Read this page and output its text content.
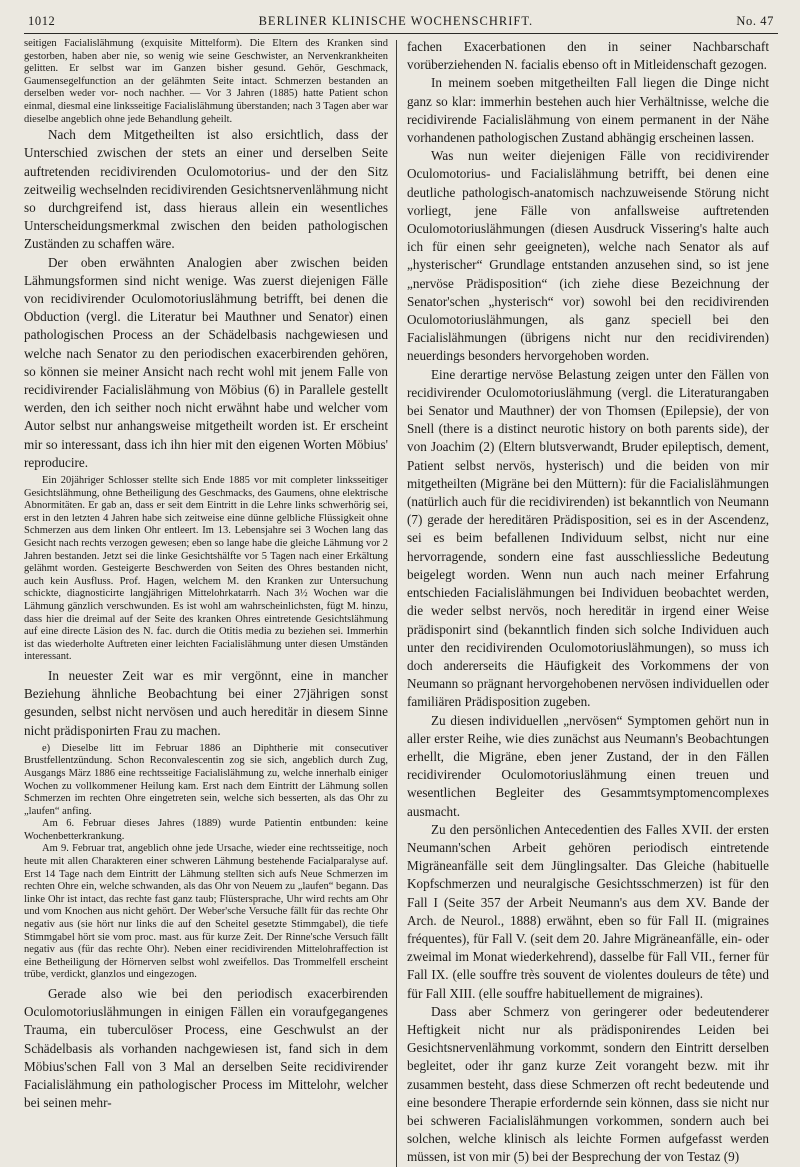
1012	BERLINER KLINISCHE WOCHENSCHRIFT.	No. 47

seitigen Facialislähmung (exquisite Mittelform). Die Eltern des Kranken sind gestorben, haben aber nie, so wenig wie seine Geschwister, an Nervenkrankheiten gelitten. Er selbst war im Ganzen bisher gesund. Gehör, Geschmack, Gaumensegelfunction an der gelähmten Seite intact. Schmerzen bestanden an derselben weder vor- noch nachher. — Vor 3 Jahren (1885) hatte Patient schon einmal, diesmal eine linksseitige Facialislähmung überstanden; nach 3 Tagen aber war dieselbe angeblich ohne jede Behandlung geheilt.

Nach dem Mitgetheilten ist also ersichtlich, dass der Unterschied zwischen der stets an einer und derselben Seite auftretenden recidivirenden Oculomotorius- und der den Sitz zeitweilig wechselnden recidivirenden Gesichtsnervenlähmung nicht so durchgreifend ist, dass hieraus allein ein wesentliches Unterscheidungsmerkmal zwischen den beiden pathologischen Zuständen zu schaffen wäre.

Der oben erwähnten Analogien aber zwischen beiden Lähmungsformen sind nicht wenige. Was zuerst diejenigen Fälle von recidivirender Oculomotoriuslähmung betrifft, bei denen die Obduction (vergl. die Literatur bei Mauthner und Senator) einen pathologischen Process an der Schädelbasis nachgewiesen und welche nach Senator zu den periodischen exacerbirenden gehören, so können sie meiner Ansicht nach recht wohl mit jenem Falle von recidivirender Facialislähmung von Möbius (6) in Parallele gestellt werden, den ich seither noch nicht erwähnt habe und welcher vom Autor selbst nur anhangsweise mitgetheilt worden ist. Er erscheint mir so interessant, dass ich ihn hier mit den eigenen Worten Möbius' reproducire.

Ein 20jähriger Schlosser stellte sich Ende 1885 vor mit completer linksseitiger Gesichtslähmung, ohne Betheiligung des Geschmacks, des Gaumens, ohne elektrische Abnormitäten. Er gab an, dass er seit dem Eintritt in die Lehre links schwerhörig sei, erst in den letzten 4 Jahren habe sich zeitweise eine dünne gelbliche Flüssigkeit ohne Schmerzen aus dem linken Ohr entleert. Im 13. Lebensjahre sei 3 Wochen lang das Gesicht nach rechts verzogen gewesen; eben so lange habe die gleiche Lähmung vor 2 Jahren bestanden. Jetzt sei die linke Gesichtshälfte vor 5 Tagen nach einer Erkältung gelähmt worden. Gesteigerte Beschwerden von Seiten des Ohres bestanden nicht, auch kein Ausfluss. Prof. Hagen, welchem M. den Kranken zur Untersuchung schickte, diagnosticirte langjährigen Mittelohrkatarrh. Nach 3½ Wochen war die Lähmung gänzlich verschwunden. Es ist wohl am wahrscheinlichsten, fügt M. hinzu, dass hier die dreimal auf der Seite des kranken Ohres eintretende Gesichtslähmung auf eine directe Läsion des N. fac. durch die Otitis media zu beziehen sei. Immerhin ist das wiederholte Auftreten einer leichten Facialislähmung unter diesen Umständen interessant.

In neuester Zeit war es mir vergönnt, eine in mancher Beziehung ähnliche Beobachtung bei einer 27jährigen sonst gesunden, selbst nicht nervösen und auch hereditär in diesem Sinne nicht prädisponirten Frau zu machen.

e) Dieselbe litt im Februar 1886 an Diphtherie mit consecutiver Brustfellentzündung. Schon Reconvalescentin zog sie sich, angeblich durch Zug, Ausgangs März 1886 eine rechtsseitige Facialislähmung zu, welche innerhalb einiger Wochen zu vollkommener Heilung kam. Erst nach dem Eintritt der Lähmung sollen Schmerzen im rechten Ohre eingetreten sein, welche sich besserten, als das Ohr zu „laufen“ anfing.

Am 6. Februar dieses Jahres (1889) wurde Patientin entbunden: keine Wochenbetterkrankung.

Am 9. Februar trat, angeblich ohne jede Ursache, wieder eine rechtsseitige, noch heute mit allen Charakteren einer schweren Lähmung bestehende Facialparalyse auf. Erst 14 Tage nach dem Eintritt der Lähmung stellten sich aufs Neue Schmerzen im rechten Ohre ein, welche schwanden, als das Ohr von Neuem zu „laufen“ begann. Das linke Ohr ist intact, das rechte fast ganz taub; Flüstersprache, Uhr wird rechts am Ohr und vom Knochen aus nicht gehört. Der Weber'sche Versuche fällt für das rechte Ohr negativ aus (sie hört nur links die auf den Scheitel gesetzte Stimmgabel), die tiefe Stimmgabel hört sie vom proc. mast. aus für kurze Zeit. Der Rinne'sche Versuch fällt negativ aus (für das rechte Ohr). Neben einer recidivirenden Mittelohraffection ist eine Betheiligung der Hörnerven selbst wohl zweifellos. Das Trommelfell erscheint trübe, verdickt, glanzlos und eingezogen.

Gerade also wie bei den periodisch exacerbirenden Oculomotoriuslähmungen in einigen Fällen ein voraufgegangenes Trauma, ein tuberculöser Process, eine Geschwulst an der Schädelbasis als vorhanden nachgewiesen ist, fand sich in dem Möbius'schen Fall von 3 Mal an derselben Seite recidivirender Facialislähmung ein pathologischer Process im Mittelohr, welcher bei seinen mehr-

fachen Exacerbationen den in seiner Nachbarschaft vorüberziehenden N. facialis ebenso oft in Mitleidenschaft gezogen.

In meinem soeben mitgetheilten Fall liegen die Dinge nicht ganz so klar: immerhin bestehen auch hier Verhältnisse, welche die recidivirende Facialislähmung von einem permanent in der Nähe vorhandenen pathologischen Zustand abhängig erscheinen lassen.

Was nun weiter diejenigen Fälle von recidivirender Oculomotorius- und Facialislähmung betrifft, bei denen eine deutliche pathologisch-anatomisch nachzuweisende Störung nicht vorliegt, jene Fälle von anfallsweise auftretenden Oculomotoriuslähmungen (diesen Ausdruck Vissering's halte auch ich für einen sehr geeigneten), welche nach Senator als auf „hysterischer“ Grundlage entstanden anzusehen sind, so ist jene „nervöse Prädisposition“ (ich ziehe diese Bezeichnung der Senator'schen „hysterisch“ vor) sowohl bei den recidivirenden Oculomotoriuslähmungen, als ganz speciell bei den Facialislähmungen (übrigens nicht nur den recidivirenden) neuerdings besonders hervorgehoben worden.

Eine derartige nervöse Belastung zeigen unter den Fällen von recidivirender Oculomotoriuslähmung (vergl. die Literaturangaben bei Senator und Mauthner) der von Thomsen (Epilepsie), der von Snell (there is a distinct neurotic history on both parents side), der von Joachim (2) (Eltern blutsverwandt, Bruder epileptisch, dement, Patient selbst nervös, hysterisch) und die beiden von mir mitgetheilten (Migräne bei den Müttern): für die Facialislähmungen (natürlich auch für die recidivirenden) ist bekanntlich von Neumann (7) gerade der hereditären Prädisposition, sei es in der Ascendenz, sei es beim befallenen Individuum selbst, nicht nur eine hervorragende, sondern eine fast ausschliessliche Bedeutung beigelegt worden. Wenn nun auch nach meiner Erfahrung entschieden Facialislähmungen bei Individuen beobachtet werden, die weder selbst nervös, noch hereditär in irgend einer Weise prädisponirt sind (bekanntlich finden sich solche Individuen auch unter den recidivirenden Oculomotoriuslähmungen), so muss ich doch andererseits die Häufigkeit des Vorkommens der von Neumann so prägnant hervorgehobenen nervösen individuellen oder familiären Prädisposition zugeben.

Zu diesen individuellen „nervösen“ Symptomen gehört nun in aller erster Reihe, wie dies zunächst aus Neumann's Beobachtungen erhellt, die Migräne, eben jener Zustand, der in den Fällen recidivirender Oculomotoriuslähmung einen treuen und wesentlichen Begleiter des Gesammtsymptomencomplexes ausmacht.

Zu den persönlichen Antecedentien des Falles XVII. der ersten Neumann'schen Arbeit gehören periodisch eintretende Migräneanfälle seit dem Jünglingsalter. Das Gleiche (habituelle Kopfschmerzen und neuralgische Gesichtsschmerzen) ist für den Fall I (Seite 357 der Arbeit Neumann's aus dem XV. Bande der Arch. de Neurol., 1888) erwähnt, eben so für Fall II. (migraines fréquentes), für Fall V. (seit dem 20. Jahre Migräneanfälle, ein- oder zweimal im Monat wiederkehrend), dasselbe für Fall VII., ferner für Fall IX. (elle souffre très souvent de violentes douleurs de tête) und für Fall XIII. (elle souffre habituellement de migraines).

Dass aber Schmerz von geringerer oder bedeutenderer Heftigkeit nicht nur als prädisponirendes Leiden bei Gesichtsnervenlähmung vorkommt, sondern den Eintritt derselben begleitet, oder ihr ganz kurze Zeit vorangeht bezw. mit ihr zusammen besteht, dass diese Schmerzen oft recht bedeutende und eine besondere Therapie erfordernde sein können, dass sie nicht nur bei schweren Facialislähmungen vorkommen, sondern auch bei solchen, welche klinisch als leichte Formen aufgefasst werden müssen, ist von mir (5) bei der Besprechung der von Testaz (9)
